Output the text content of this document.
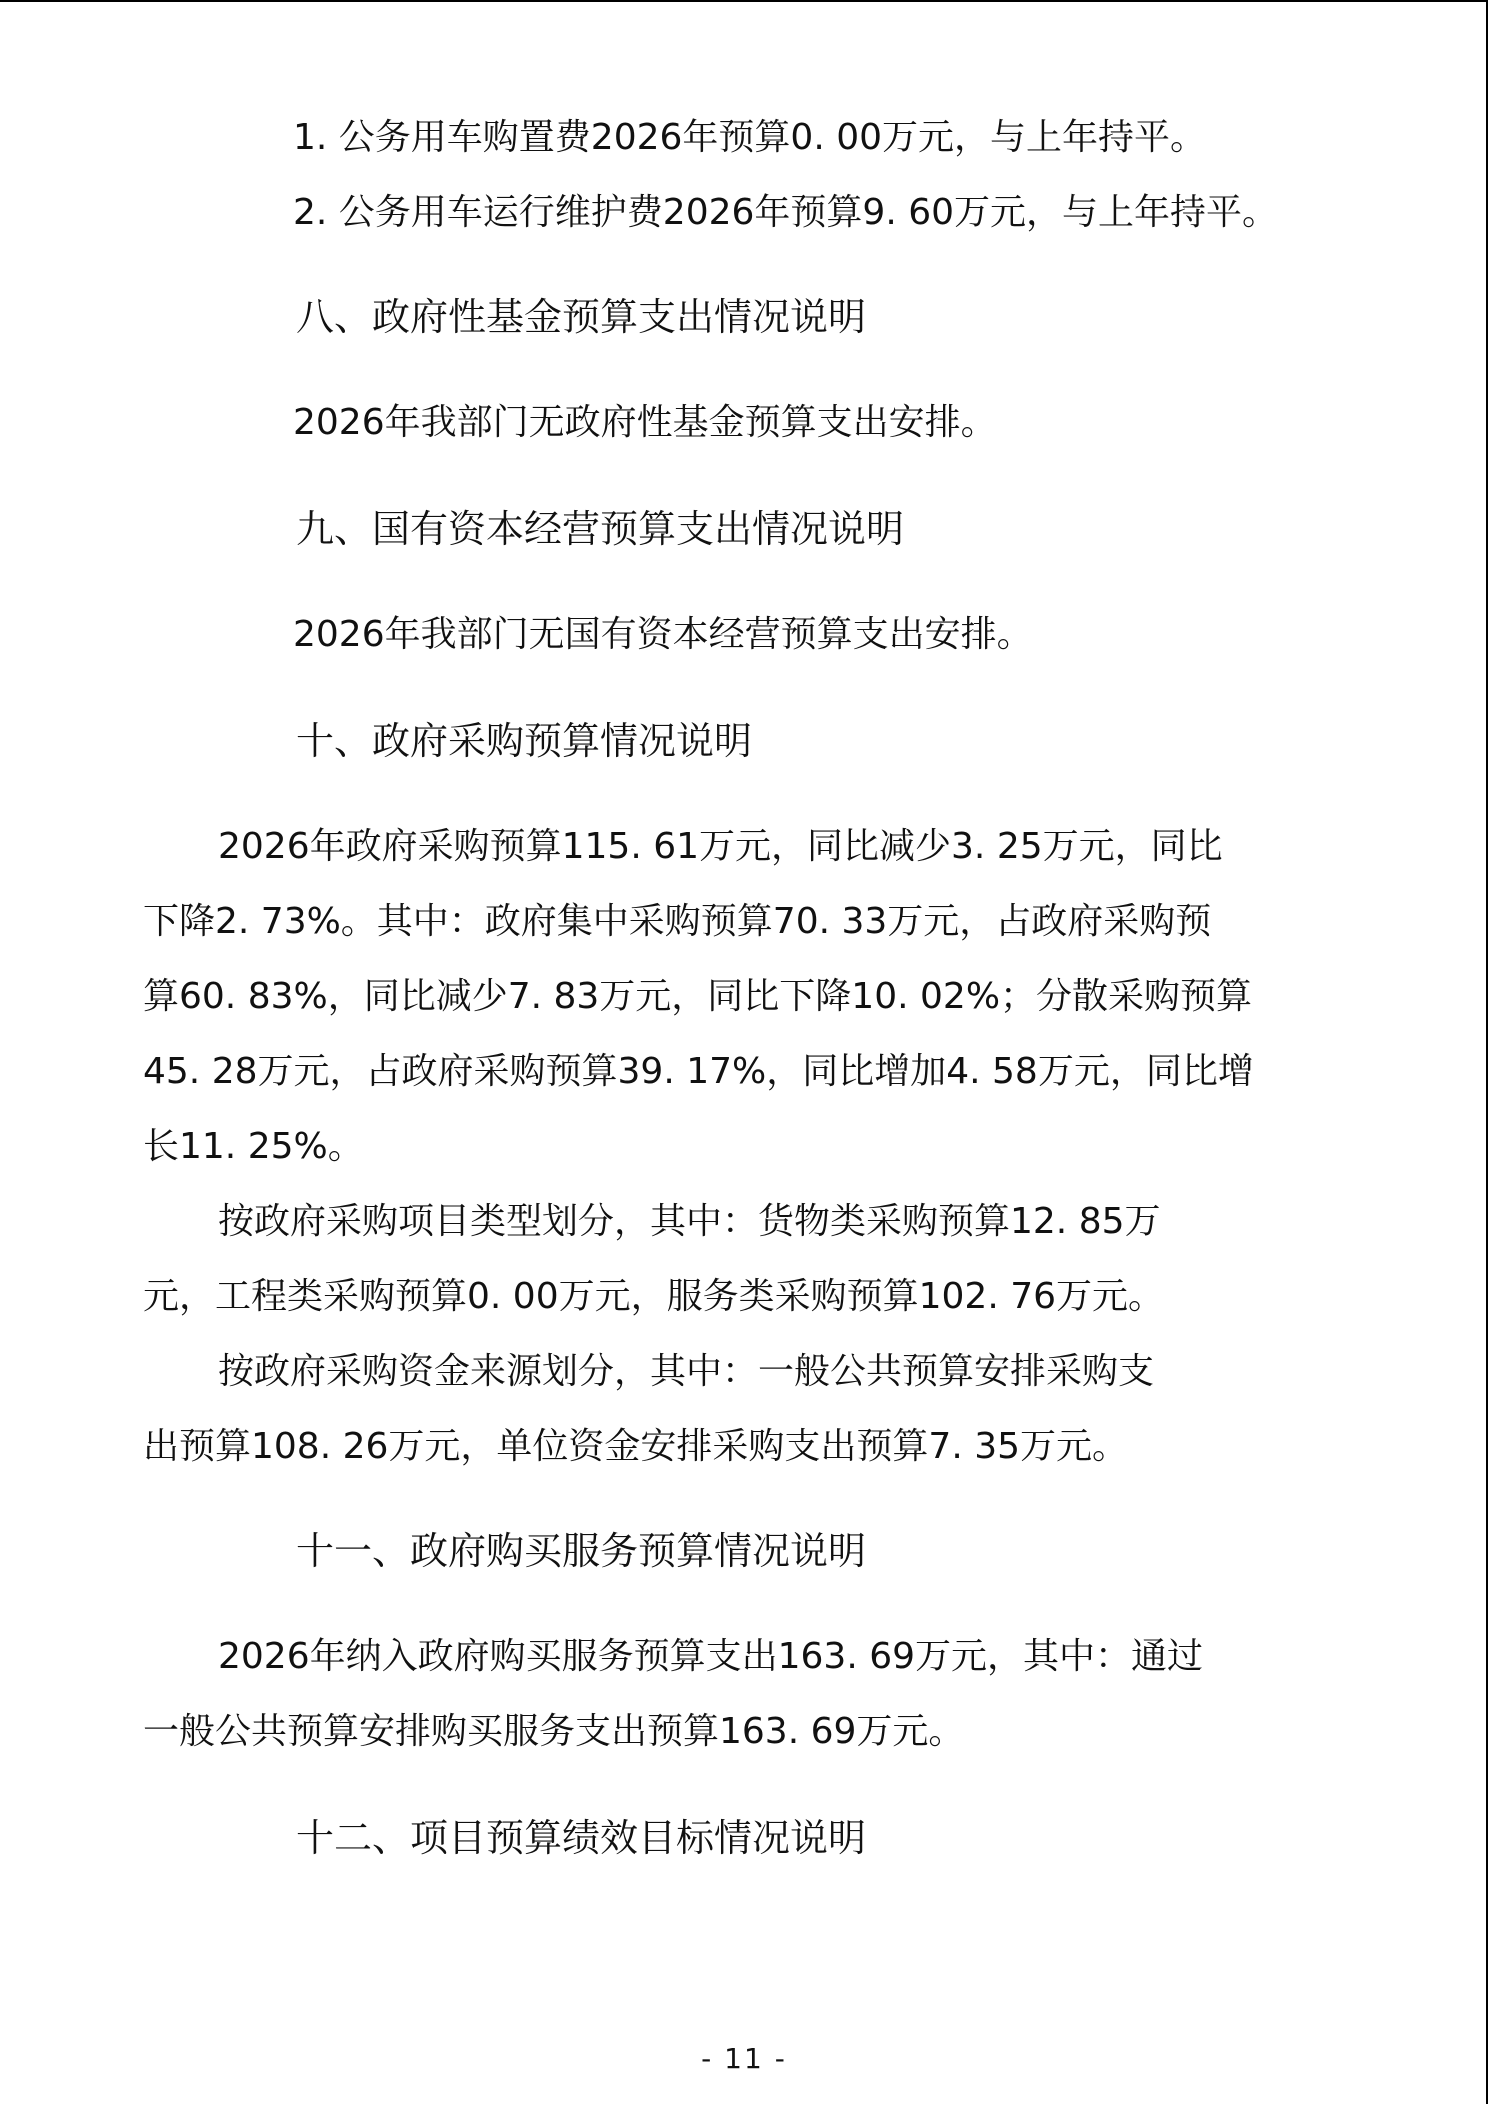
1. 公务用车购置费2026年预算0. 00万元，与上年持平。
2. 公务用车运行维护费2026年预算9. 60万元，与上年持平。
八、政府性基金预算支出情况说明
2026年我部门无政府性基金预算支出安排。
九、国有资本经营预算支出情况说明
2026年我部门无国有资本经营预算支出安排。
十、政府采购预算情况说明
2026年政府采购预算115. 61万元，同比减少3. 25万元，同比
下降2. 73%。其中：政府集中采购预算70. 33万元，占政府采购预
算60. 83%，同比减少7. 83万元，同比下降10. 02%；分散采购预算
45. 28万元，占政府采购预算39. 17%，同比增加4. 58万元，同比增
长11. 25%。
按政府采购项目类型划分，其中：货物类采购预算12. 85万
元，工程类采购预算0. 00万元，服务类采购预算102. 76万元。
按政府采购资金来源划分，其中：一般公共预算安排采购支
出预算108. 26万元，单位资金安排采购支出预算7. 35万元。
十一、政府购买服务预算情况说明
2026年纳入政府购买服务预算支出163. 69万元，其中：通过
一般公共预算安排购买服务支出预算163. 69万元。
十二、项目预算绩效目标情况说明
- 11 -
